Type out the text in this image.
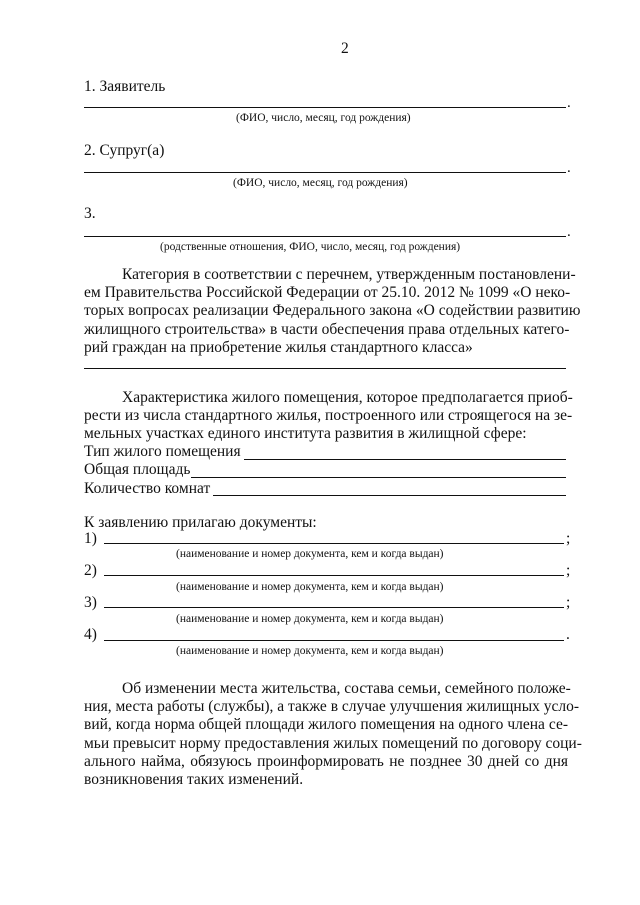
2
1. Заявитель
.
(ФИО, число, месяц, год рождения)
2. Супруг(а)
.
(ФИО, число, месяц, год рождения)
3.
.
(родственные отношения, ФИО, число, месяц, год рождения)
Категория в соответствии с перечнем, утвержденным постановлени-
ем Правительства Российской Федерации от 25.10. 2012 № 1099 «О неко-
торых вопросах реализации Федерального закона «О содействии развитию
жилищного строительства» в части обеспечения права отдельных катего-
рий граждан на приобретение жилья стандартного класса»
Характеристика жилого помещения, которое предполагается приоб-
рести из числа стандартного жилья, построенного или строящегося на зе-
мельных участках единого института развития в жилищной сфере:
Тип жилого помещения
Общая площадь
Количество комнат
К заявлению прилагаю документы:
1)	;
(наименование и номер документа, кем и когда выдан)
2)	;
(наименование и номер документа, кем и когда выдан)
3)	;
(наименование и номер документа, кем и когда выдан)
4)	.
(наименование и номер документа, кем и когда выдан)
Об изменении места жительства, состава семьи, семейного положе-
ния, места работы (службы), а также в случае улучшения жилищных усло-
вий, когда норма общей площади жилого помещения на одного члена се-
мьи превысит норму предоставления жилых помещений по договору соци-
ального найма, обязуюсь проинформировать не позднее 30 дней со дня
возникновения таких изменений.
